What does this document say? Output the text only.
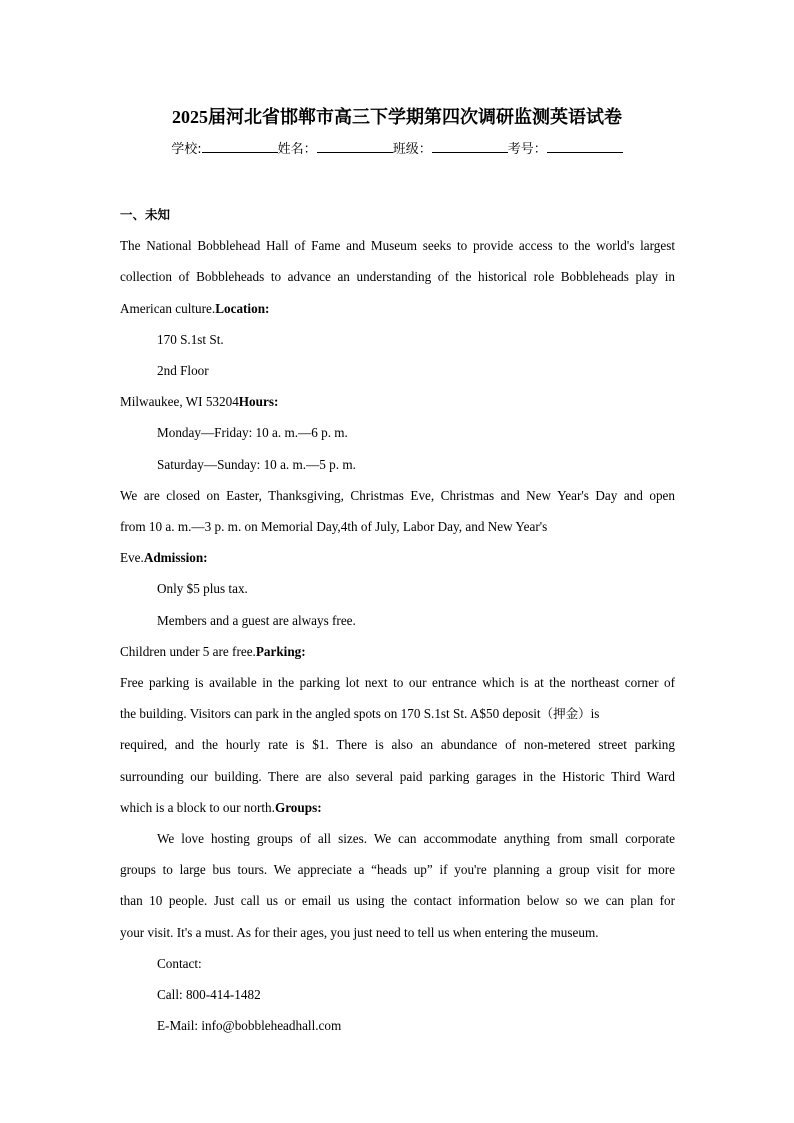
2025届河北省邯郸市高三下学期第四次调研监测英语试卷
学校:	姓名：	班级：	考号：
一、未知
The National Bobblehead Hall of Fame and Museum seeks to provide access to the world's largest
collection of Bobbleheads to advance an understanding of the historical role Bobbleheads play in
American culture.Location:
170 S.1st St.
2nd Floor
Milwaukee, WI 53204Hours:
Monday—Friday: 10 a. m.—6 p. m.
Saturday—Sunday: 10 a. m.—5 p. m.
We are closed on Easter, Thanksgiving, Christmas Eve, Christmas and New Year's Day and open
from 10 a. m.—3 p. m. on Memorial Day,4th of July, Labor Day, and New Year's
Eve.Admission:
Only $5 plus tax.
Members and a guest are always free.
Children under 5 are free.Parking:
Free parking is available in the parking lot next to our entrance which is at the northeast corner of
the building. Visitors can park in the angled spots on 170 S.1st St. A$50 deposit（押金）is
required, and the hourly rate is $1. There is also an abundance of non-metered street parking
surrounding our building. There are also several paid parking garages in the Historic Third Ward
which is a block to our north.Groups:
We love hosting groups of all sizes. We can accommodate anything from small corporate
groups to large bus tours. We appreciate a “heads up” if you're planning a group visit for more
than 10 people. Just call us or email us using the contact information below so we can plan for
your visit. It's a must. As for their ages, you just need to tell us when entering the museum.
Contact:
Call: 800-414-1482
E-Mail: info@bobbleheadhall.com
